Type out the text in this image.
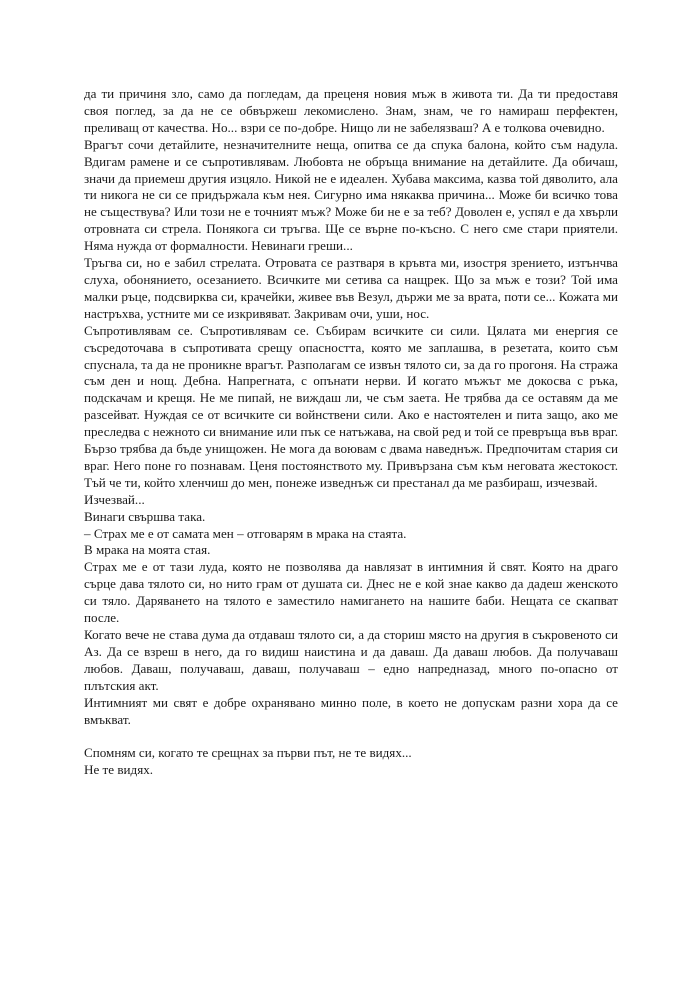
да ти причиня зло, само да погледам, да преценя новия мъж в живота ти. Да ти предоставя своя поглед, за да не се обвържеш лекомислено. Знам, знам, че го намираш перфектен, преливащ от качества. Но... взри се по-добре. Нищо ли не забелязваш? А е толкова очевидно.

Врагът сочи детайлите, незначителните неща, опитва се да спука балона, който съм надула. Вдигам рамене и се съпротивлявам. Любовта не обръща внимание на детайлите. Да обичаш, значи да приемеш другия изцяло. Никой не е идеален. Хубава максима, казва той дяволито, ала ти никога не си се придържала към нея. Сигурно има някаква причина... Може би всичко това не съществува? Или този не е точният мъж? Може би не е за теб? Доволен е, успял е да хвърли отровната си стрела. Понякога си тръгва. Ще се върне по-късно. С него сме стари приятели. Няма нужда от формалности. Невинаги греши...

Тръгва си, но е забил стрелата. Отровата се разтваря в кръвта ми, изостря зрението, изтънчва слуха, обонянието, осезанието. Всичките ми сетива са нащрек. Що за мъж е този? Той има малки ръце, подсвирква си, крачейки, живее във Везул, държи ме за врата, поти се... Кожата ми настръхва, устните ми се изкривяват. Закривам очи, уши, нос.

Съпротивлявам се. Съпротивлявам се. Събирам всичките си сили. Цялата ми енергия се съсредоточава в съпротивата срещу опасността, която ме заплашва, в резетата, които съм спуснала, та да не проникне врагът. Разполагам се извън тялото си, за да го прогоня. На стража съм ден и нощ. Дебна. Напрегната, с опънати нерви. И когато мъжът ме докосва с ръка, подскачам и крещя. Не ме пипай, не виждаш ли, че съм заета. Не трябва да се оставям да ме разсейват. Нуждая се от всичките си войнствени сили. Ако е настоятелен и пита защо, ако ме преследва с нежното си внимание или пък се натъжава, на свой ред и той се превръща във враг. Бързо трябва да бъде унищожен. Не мога да воювам с двама наведнъж. Предпочитам стария си враг. Него поне го познавам. Ценя постоянството му. Привързана съм към неговата жестокост. Тъй че ти, който хленчиш до мен, понеже изведнъж си престанал да ме разбираш, изчезвай.

Изчезвай...

Винаги свършва така.

– Страх ме е от самата мен – отговарям в мрака на стаята.

В мрака на моята стая.

Страх ме е от тази луда, която не позволява да навлязат в интимния й свят. Която на драго сърце дава тялото си, но нито грам от душата си. Днес не е кой знае какво да дадеш женското си тяло. Даряването на тялото е заместило намигането на нашите баби. Нещата се скапват после.

Когато вече не става дума да отдаваш тялото си, а да сториш място на другия в съкровеното си Аз. Да се взреш в него, да го видиш наистина и да даваш. Да даваш любов. Да получаваш любов. Даваш, получаваш, даваш, получаваш – едно напредназад, много по-опасно от плътския акт.

Интимният ми свят е добре охранявано минно поле, в което не допускам разни хора да се вмъкват.

Спомням си, когато те срещнах за първи път, не те видях...

Не те видях.
